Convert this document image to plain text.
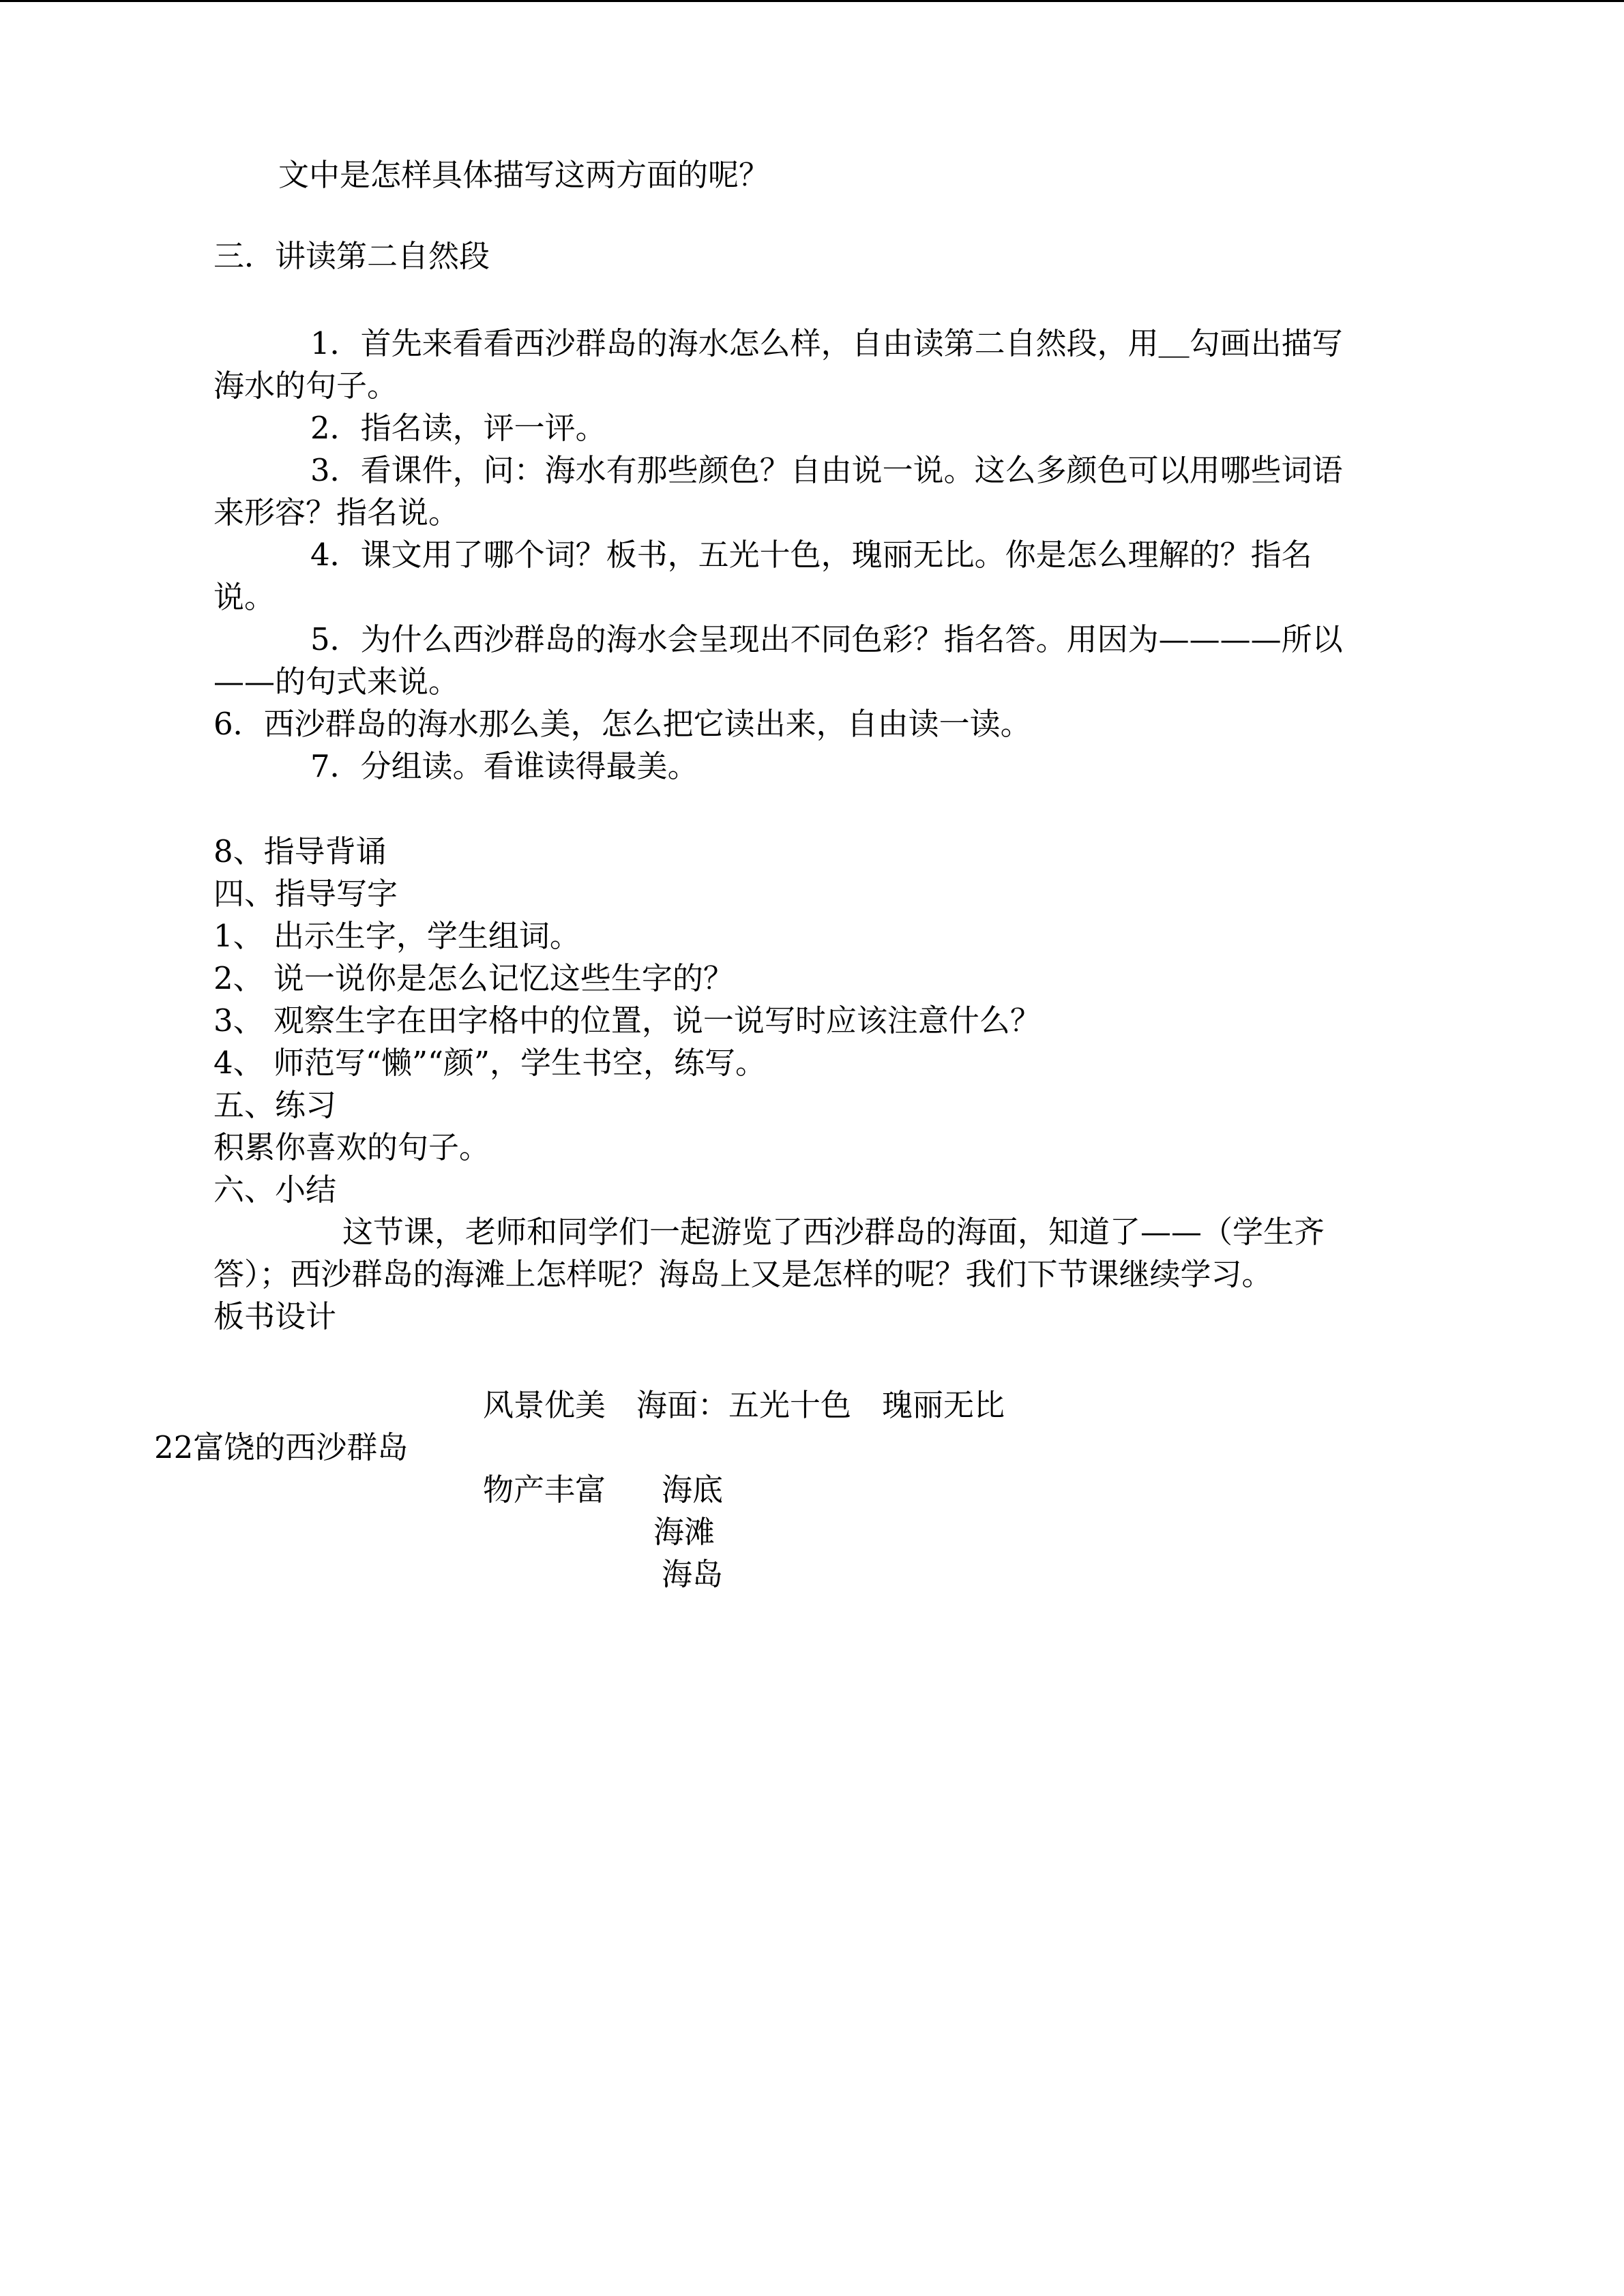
文中是怎样具体描写这两方面的呢？

三．讲读第二自然段

1．首先来看看西沙群岛的海水怎么样，自由读第二自然段，用＿勾画出描写

海水的句子。

2．指名读，评一评。

3．看课件，问：海水有那些颜色？自由说一说。这么多颜色可以用哪些词语

来形容？指名说。

4．课文用了哪个词？板书，五光十色，瑰丽无比。你是怎么理解的？指名

说。

5．为什么西沙群岛的海水会呈现出不同色彩？指名答。用因为————所以

——的句式来说。

6．西沙群岛的海水那么美，怎么把它读出来，自由读一读。

7．分组读。看谁读得最美。

8、指导背诵

四、指导写字

1、 出示生字，学生组词。

2、 说一说你是怎么记忆这些生字的？

3、 观察生字在田字格中的位置，说一说写时应该注意什么？

4、 师范写“懒”“颜”，学生书空，练写。

五、练习

积累你喜欢的句子。

六、小结

这节课，老师和同学们一起游览了西沙群岛的海面，知道了——（学生齐

答）；西沙群岛的海滩上怎样呢？海岛上又是怎样的呢？我们下节课继续学习。

板书设计

风景优美　海面：五光十色　瑰丽无比

22富饶的西沙群岛

物产丰富 海底

海滩

海岛
